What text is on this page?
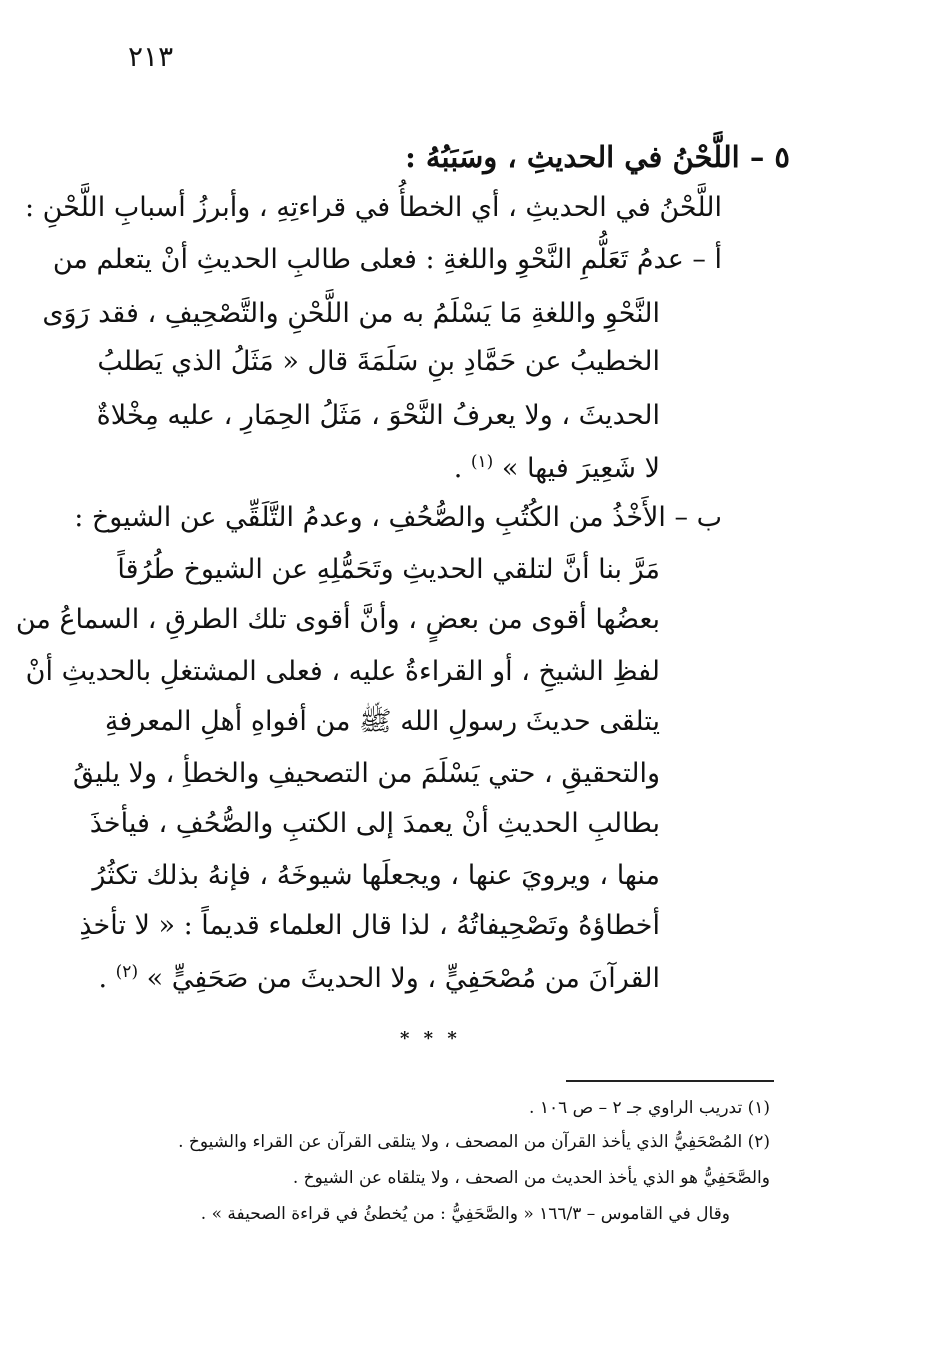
٢١٣
٥ – اللَّحْنُ في الحديثِ ، وسَبَبُهُ :
اللَّحْنُ في الحديثِ ، أي الخطأُ في قراءتِهِ ، وأبرزُ أسبابِ اللَّحْنِ :
أ – عدمُ تَعَلُّمِ النَّحْوِ واللغةِ : فعلى طالبِ الحديثِ أنْ يتعلم من
النَّحْوِ واللغةِ مَا يَسْلَمُ به من اللَّحْنِ والتَّصْحِيفِ ، فقد رَوَى
الخطيبُ عن حَمَّادِ بنِ سَلَمَةَ قال « مَثَلُ الذي يَطلبُ
الحديثَ ، ولا يعرفُ النَّحْوَ ، مَثَلُ الحِمَارِ ، عليه مِخْلاةٌ
لا شَعِيرَ فيها » $^{(١)}$ .
ب – الأَخْذُ من الكُتُبِ والصُّحُفِ ، وعدمُ التَّلَقِّي عن الشيوخ :
مَرَّ بنا أنَّ لتلقي الحديثِ وتَحَمُّلِهِ عن الشيوخ طُرُقاً
بعضُها أقوى من بعضٍ ، وأنَّ أقوى تلك الطرقِ ، السماعُ من
لفظِ الشيخِ ، أو القراءةُ عليه ، فعلى المشتغلِ بالحديثِ أنْ
يتلقى حديثَ رسولِ الله ﷺ من أفواهِ أهلِ المعرفةِ
والتحقيقِ ، حتي يَسْلَمَ من التصحيفِ والخطأِ ، ولا يليقُ
بطالبِ الحديثِ أنْ يعمدَ إلى الكتبِ والصُّحُفِ ، فيأخذَ
منها ، ويرويَ عنها ، ويجعلَها شيوخَهُ ، فإنهُ بذلك تكثُرُ
أخطاؤهُ وتَصْحِيفاتُهُ ، لذا قال العلماء قديماً : « لا تأخذِ
القرآنَ من مُصْحَفِيٍّ ، ولا الحديثَ من صَحَفِيٍّ » $^{(٢)}$ .
* * *
(١) تدريب الراوي جـ ٢ – ص ١٠٦ .
(٢) المُصْحَفِيُّ الذي يأخذ القرآن من المصحف ، ولا يتلقى القرآن عن القراء والشيوخ .
والصَّحَفِيُّ هو الذي يأخذ الحديث من الصحف ، ولا يتلقاه عن الشيوخ .
وقال في القاموس – ١٦٦/٣ « والصَّحَفِيُّ : من يُخطئُ في قراءة الصحيفة » .
